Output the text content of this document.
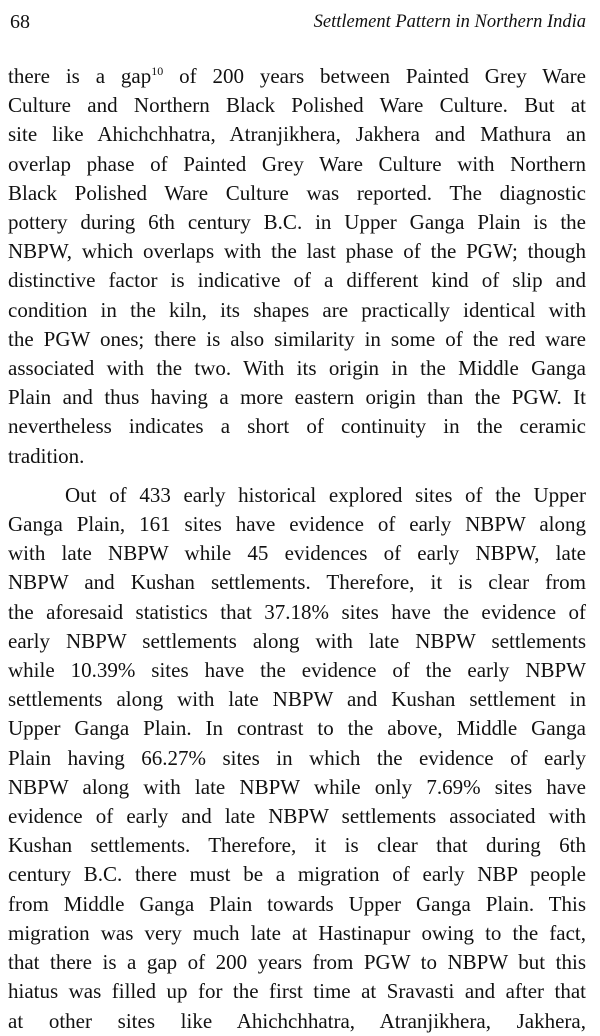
68	Settlement Pattern in Northern India

there is a gap$^{10}$ of 200 years between Painted Grey Ware
Culture and Northern Black Polished Ware Culture. But at
site like Ahichchhatra, Atranjikhera, Jakhera and Mathura an
overlap phase of Painted Grey Ware Culture with Northern
Black Polished Ware Culture was reported. The diagnostic
pottery during 6th century B.C. in Upper Ganga Plain is the
NBPW, which overlaps with the last phase of the PGW; though
distinctive factor is indicative of a different kind of slip and
condition in the kiln, its shapes are practically identical with
the PGW ones; there is also similarity in some of the red ware
associated with the two. With its origin in the Middle Ganga
Plain and thus having a more eastern origin than the PGW. It
nevertheless indicates a short of continuity in the ceramic
tradition.

Out of 433 early historical explored sites of the Upper
Ganga Plain, 161 sites have evidence of early NBPW along
with late NBPW while 45 evidences of early NBPW, late
NBPW and Kushan settlements. Therefore, it is clear from
the aforesaid statistics that 37.18% sites have the evidence of
early NBPW settlements along with late NBPW settlements
while 10.39% sites have the evidence of the early NBPW
settlements along with late NBPW and Kushan settlement in
Upper Ganga Plain. In contrast to the above, Middle Ganga
Plain having 66.27% sites in which the evidence of early
NBPW along with late NBPW while only 7.69% sites have
evidence of early and late NBPW settlements associated with
Kushan settlements. Therefore, it is clear that during 6th
century B.C. there must be a migration of early NBP people
from Middle Ganga Plain towards Upper Ganga Plain. This
migration was very much late at Hastinapur owing to the fact,
that there is a gap of 200 years from PGW to NBPW but this
hiatus was filled up for the first time at Sravasti and after that
at other sites like Ahichchhatra, Atranjikhera, Jakhera,
